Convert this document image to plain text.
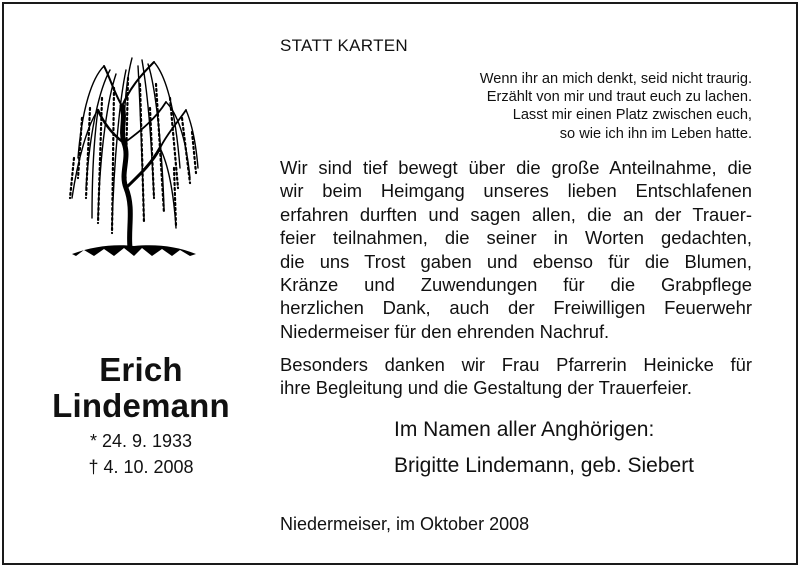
Erich
Lindemann
* 24. 9. 1933
† 4. 10. 2008
STATT KARTEN
Wenn ihr an mich denkt, seid nicht traurig.
Erzählt von mir und traut euch zu lachen.
Lasst mir einen Platz zwischen euch,
so wie ich ihn im Leben hatte.
Wir sind tief bewegt über die große Anteilnahme, die
wir beim Heimgang unseres lieben Entschlafenen
erfahren durften und sagen allen, die an der Trauer-
feier teilnahmen, die seiner in Worten gedachten,
die uns Trost gaben und ebenso für die Blumen,
Kränze und Zuwendungen für die Grabpflege
herzlichen Dank, auch der Freiwilligen Feuerwehr
Niedermeiser für den ehrenden Nachruf.
Besonders danken wir Frau Pfarrerin Heinicke für
ihre Begleitung und die Gestaltung der Trauerfeier.
Im Namen aller Anghörigen:
Brigitte Lindemann, geb. Siebert
Niedermeiser, im Oktober 2008
